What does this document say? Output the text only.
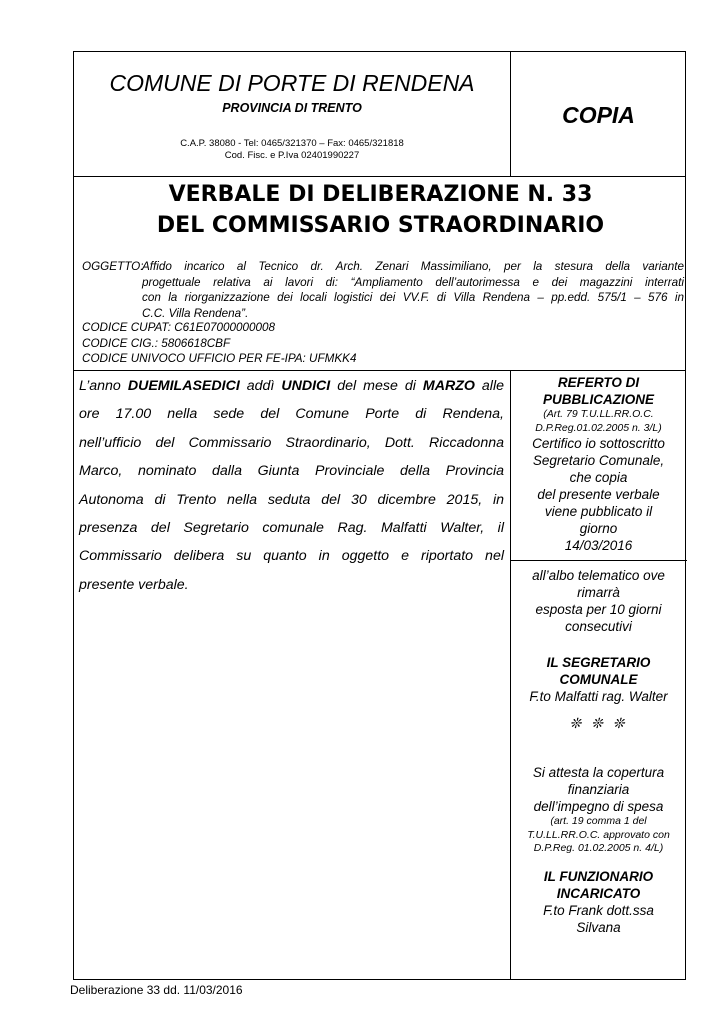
COMUNE DI PORTE DI RENDENA
PROVINCIA DI TRENTO
C.A.P. 38080 - Tel: 0465/321370 – Fax: 0465/321818
Cod. Fisc. e P.Iva 02401990227
COPIA
VERBALE DI DELIBERAZIONE N. 33
DEL COMMISSARIO STRAORDINARIO
OGGETTO:
Affido incarico al Tecnico dr. Arch. Zenari Massimiliano, per la stesura della variante
progettuale relativa ai lavori di: “Ampliamento dell’autorimessa e dei magazzini interrati
con la riorganizzazione dei locali logistici dei VV.F. di Villa Rendena – pp.edd. 575/1 – 576 in
C.C. Villa Rendena”.
CODICE CUPAT: C61E07000000008
CODICE CIG.: 5806618CBF
CODICE UNIVOCO UFFICIO PER FE-IPA: UFMKK4
L’anno DUEMILASEDICI addì UNDICI del mese di MARZO alle
ore 17.00 nella sede del Comune Porte di Rendena,
nell’ufficio del Commissario Straordinario, Dott. Riccadonna
Marco, nominato dalla Giunta Provinciale della Provincia
Autonoma di Trento nella seduta del 30 dicembre 2015, in
presenza del Segretario comunale Rag. Malfatti Walter, il
Commissario delibera su quanto in oggetto e riportato nel
presente verbale.
REFERTO DI
PUBBLICAZIONE
(Art. 79 T.U.LL.RR.O.C.
D.P.Reg.01.02.2005 n. 3/L)
Certifico io sottoscritto
Segretario Comunale,
che copia
del presente verbale
viene pubblicato il
giorno
14/03/2016
all’albo telematico ove
rimarrà
esposta per 10 giorni
consecutivi
IL SEGRETARIO
COMUNALE
F.to Malfatti rag. Walter
❊ ❊ ❊
Si attesta la copertura
finanziaria
dell’impegno di spesa
(art. 19 comma 1 del
T.U.LL.RR.O.C. approvato con
D.P.Reg. 01.02.2005 n. 4/L)
IL FUNZIONARIO
INCARICATO
F.to Frank dott.ssa
Silvana
Deliberazione 33 dd. 11/03/2016
